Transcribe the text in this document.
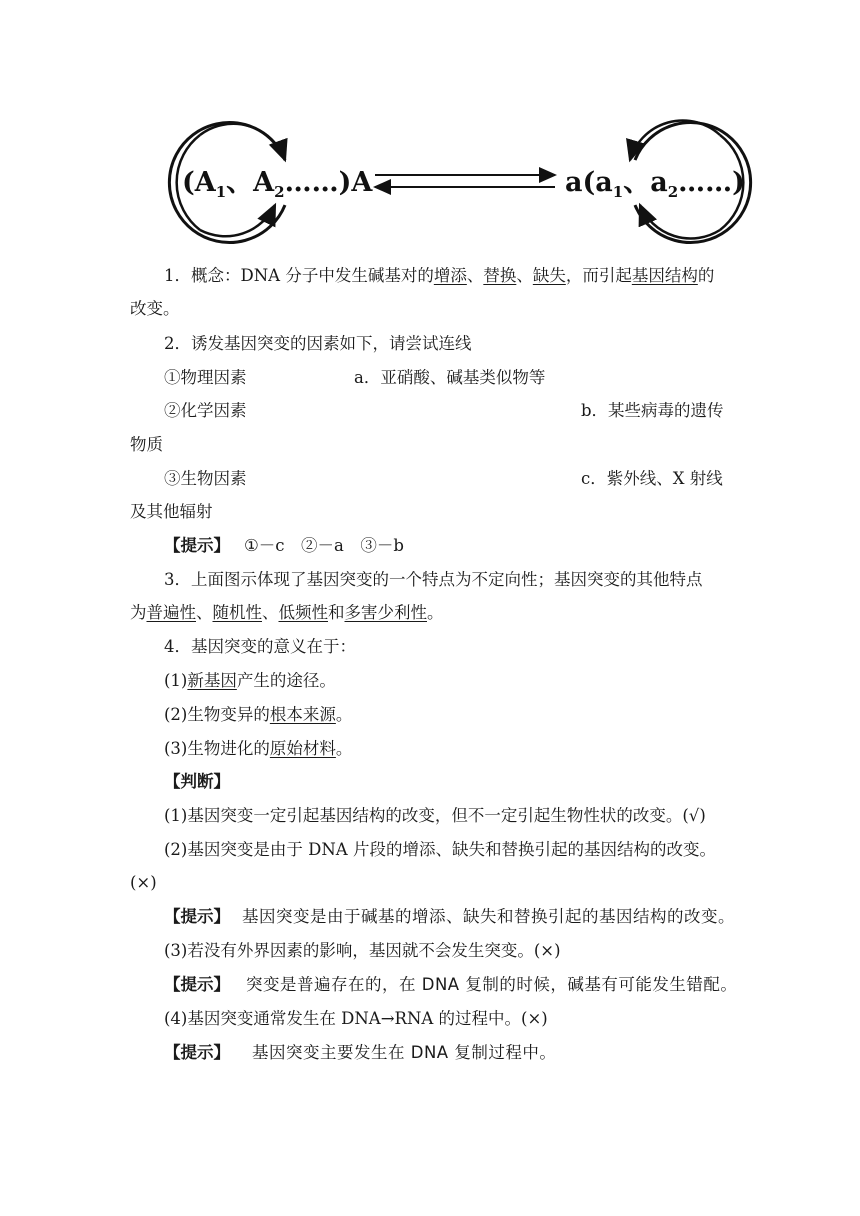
($A_1$、$A_2\dots\dots)A$	$a(a_1$、$a_2\dots\dots$)
1．概念：DNA 分子中发生碱基对的增添、替换、缺失，而引起基因结构的
改变。
2．诱发基因突变的因素如下，请尝试连线
①物理因素	a．亚硝酸、碱基类似物等
②化学因素	b．某些病毒的遗传
物质
③生物因素	c．紫外线、X 射线
及其他辐射
【提示】 ①－c　②－a　③－b
3．上面图示体现了基因突变的一个特点为不定向性；基因突变的其他特点
为普遍性、随机性、低频性和多害少利性。
4．基因突变的意义在于：
(1)新基因产生的途径。
(2)生物变异的根本来源。
(3)生物进化的原始材料。
【判断】
(1)基因突变一定引起基因结构的改变，但不一定引起生物性状的改变。(√)
(2)基因突变是由于 DNA 片段的增添、缺失和替换引起的基因结构的改变。
(×)
【提示】 基因突变是由于碱基的增添、缺失和替换引起的基因结构的改变。
(3)若没有外界因素的影响，基因就不会发生突变。(×)
【提示】 突变是普遍存在的，在 DNA 复制的时候，碱基有可能发生错配。
(4)基因突变通常发生在 DNA→RNA 的过程中。(×)
【提示】 基因突变主要发生在 DNA 复制过程中。
